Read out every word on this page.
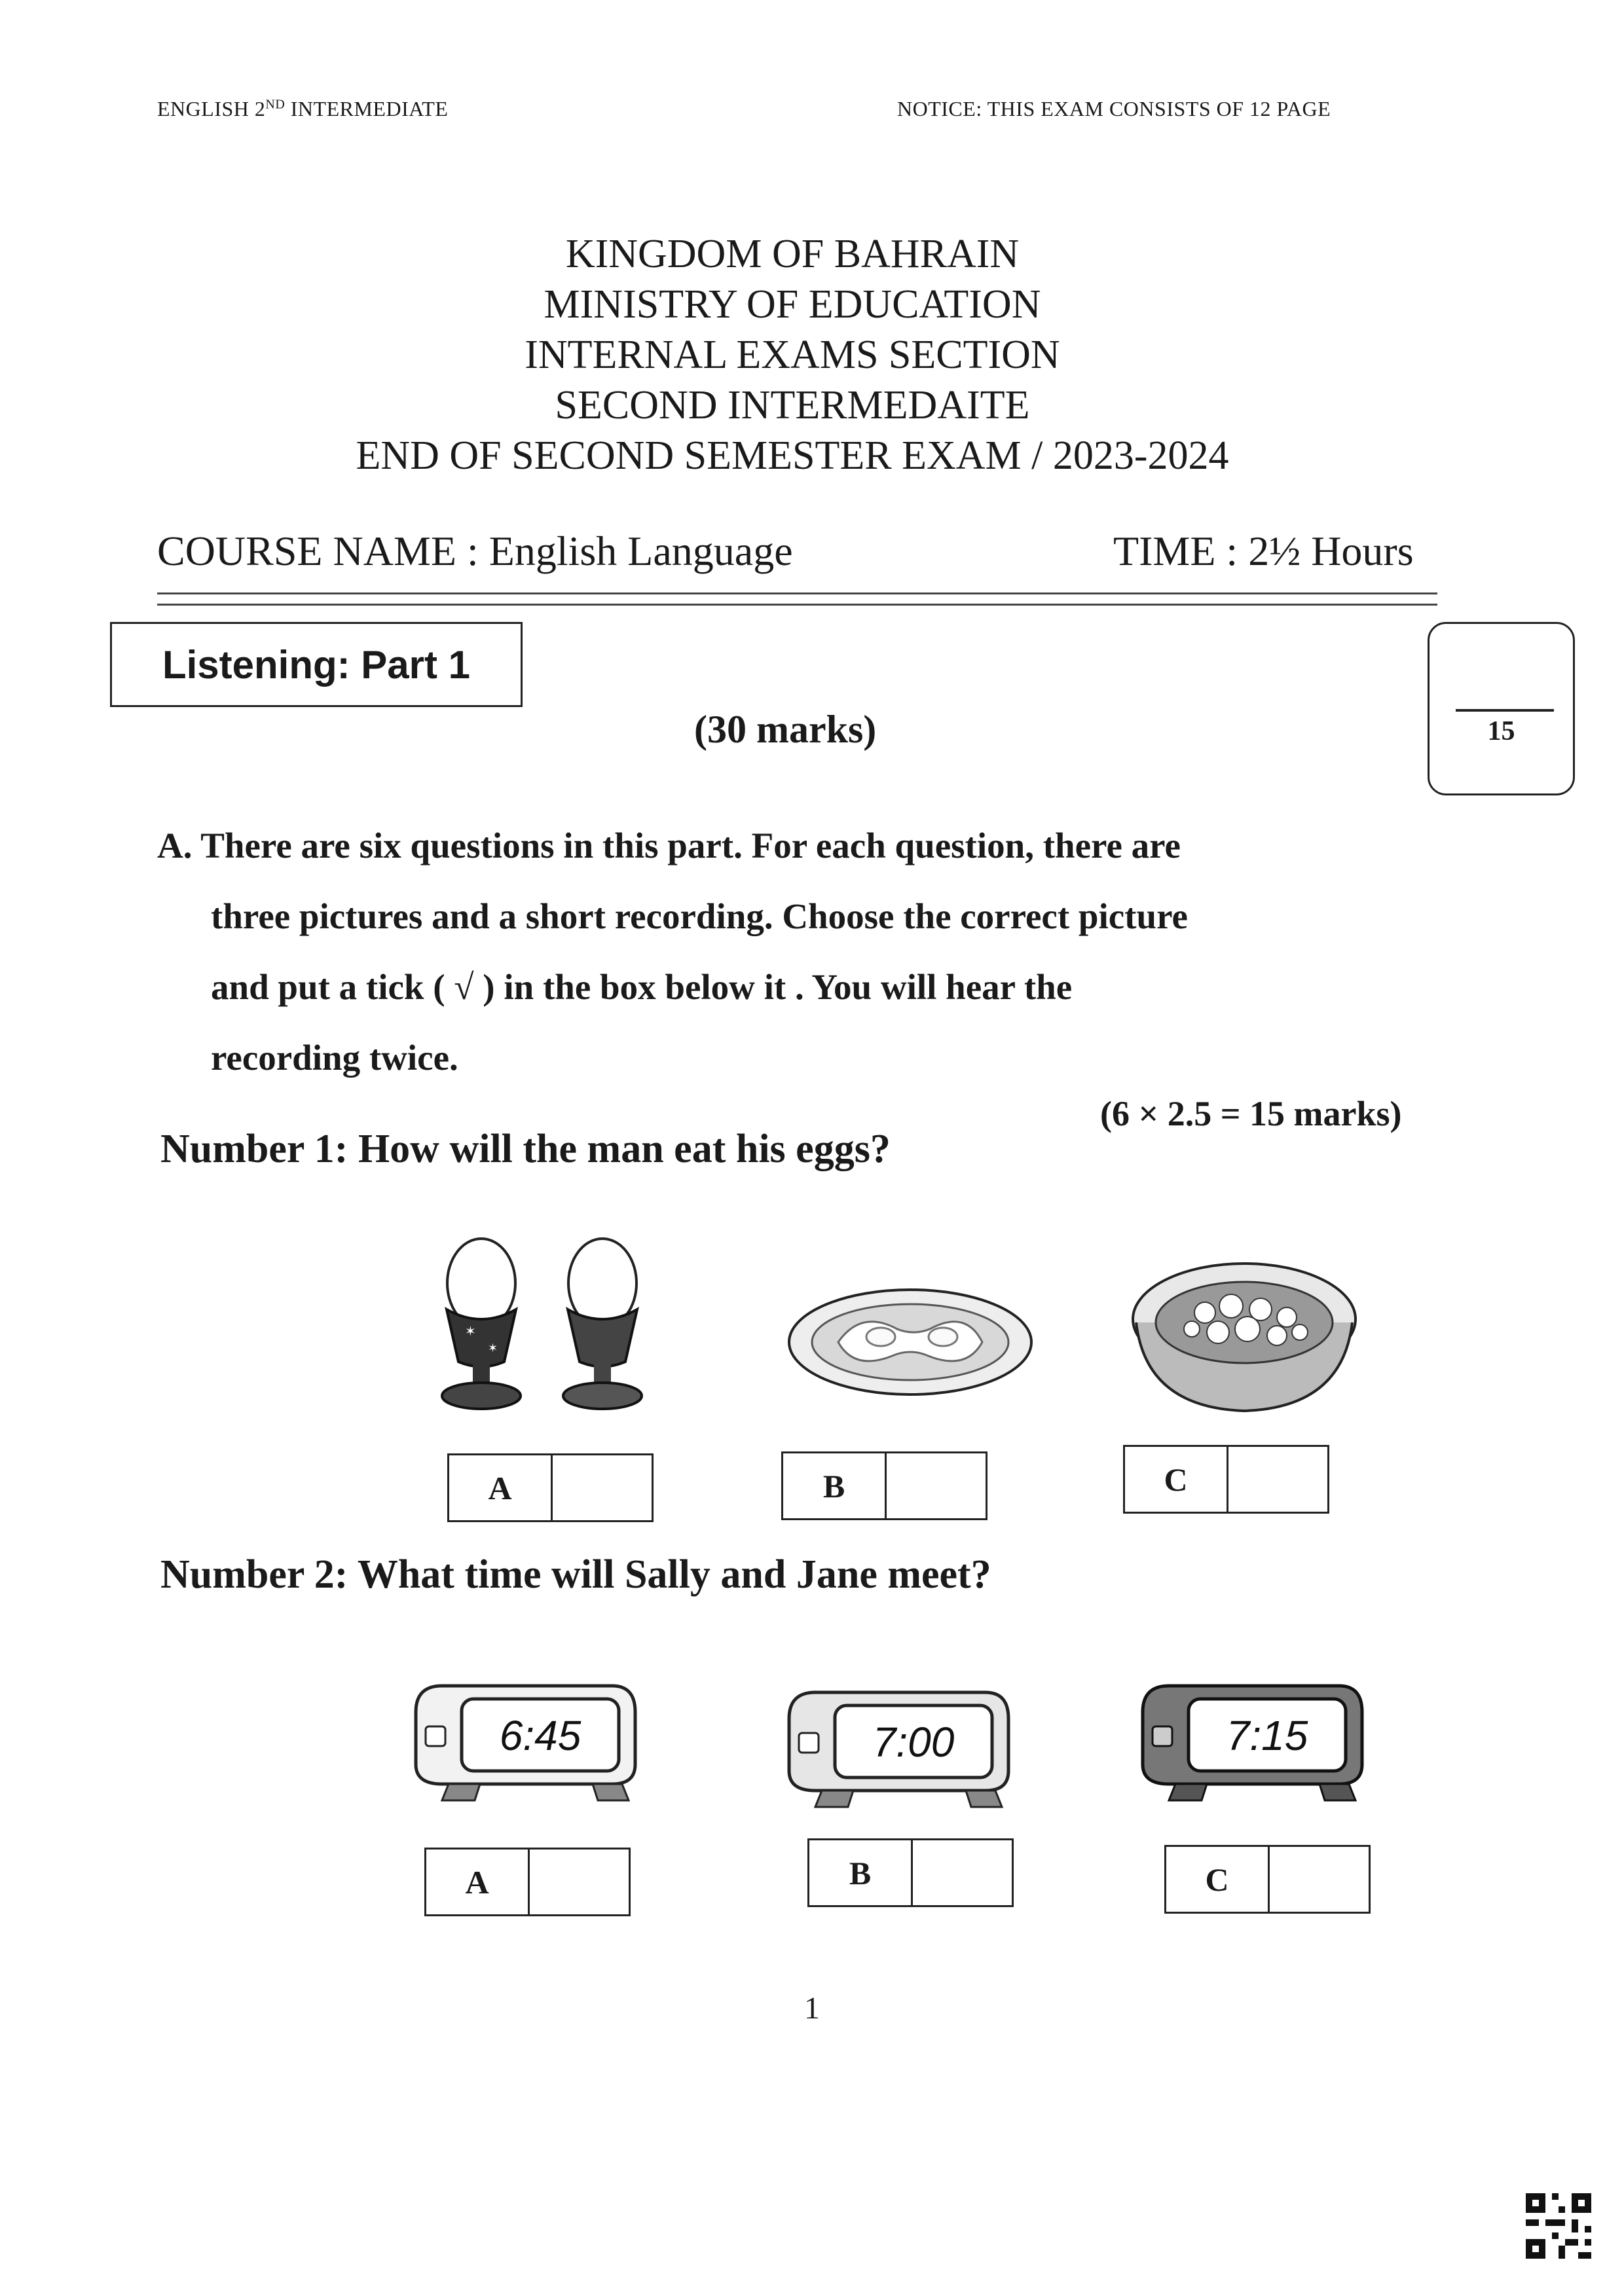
ENGLISH 2ND INTERMEDIATE	NOTICE: THIS EXAM CONSISTS OF 12 PAGE
KINGDOM OF BAHRAIN
MINISTRY OF EDUCATION
INTERNAL EXAMS SECTION
SECOND INTERMEDAITE
END OF SECOND SEMESTER EXAM / 2023-2024
COURSE NAME : English Language	TIME : 2½ Hours
Listening: Part 1
15
(30 marks)
A. There are six questions in this part. For each question, there are
three pictures and a short recording. Choose the correct picture
and put a tick ( √ ) in the box below it . You will hear the
recording twice.
(6 × 2.5 = 15 marks)
Number 1: How will the man eat his eggs?
✶
✶
A	B	C
Number 2: What time will Sally and Jane meet?
6:45	7:00	7:15
A	B	C
1
